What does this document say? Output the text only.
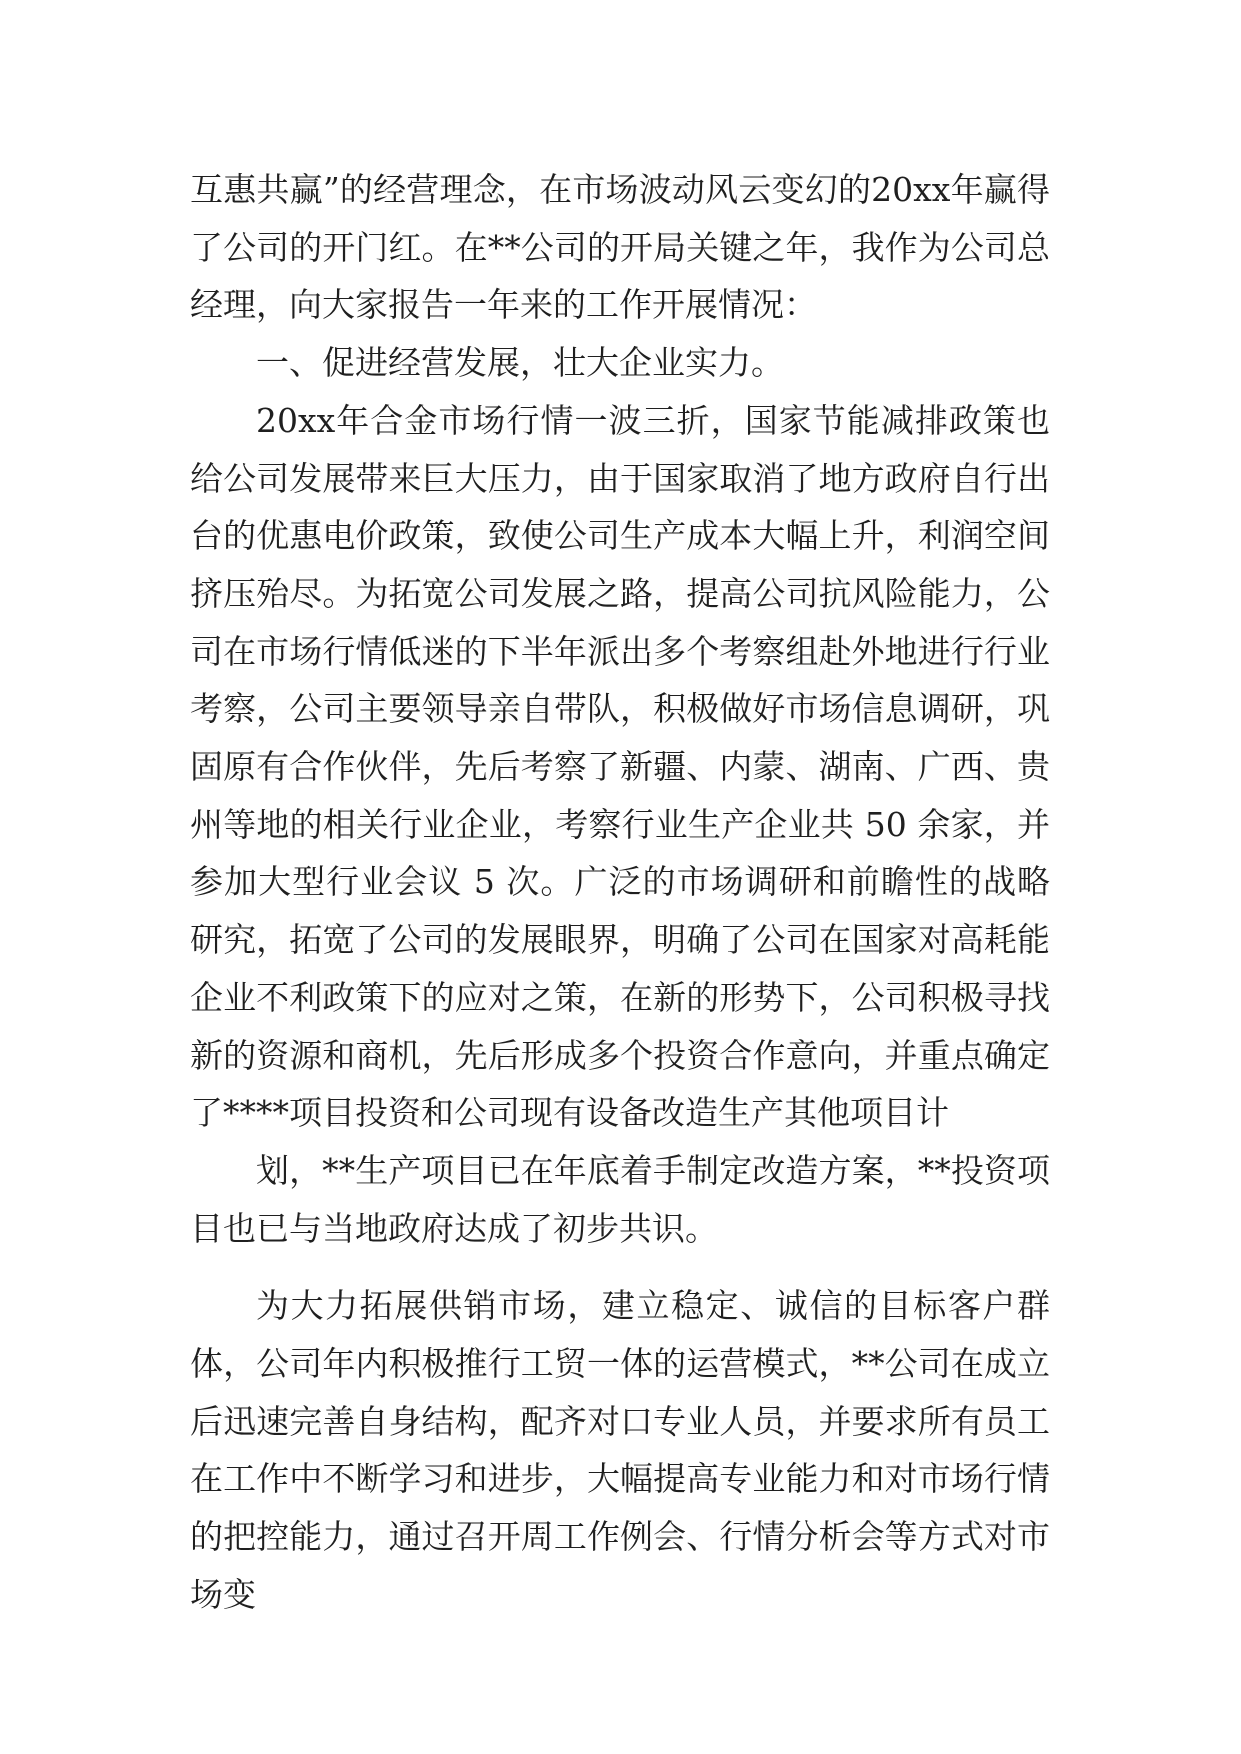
互惠共赢”的经营理念，在市场波动风云变幻的20xx年赢得了公司的开门红。在**公司的开局关键之年，我作为公司总经理，向大家报告一年来的工作开展情况：

一、促进经营发展，壮大企业实力。

20xx年合金市场行情一波三折，国家节能减排政策也给公司发展带来巨大压力，由于国家取消了地方政府自行出台的优惠电价政策，致使公司生产成本大幅上升，利润空间挤压殆尽。为拓宽公司发展之路，提高公司抗风险能力，公司在市场行情低迷的下半年派出多个考察组赴外地进行行业考察，公司主要领导亲自带队，积极做好市场信息调研，巩固原有合作伙伴，先后考察了新疆、内蒙、湖南、广西、贵州等地的相关行业企业，考察行业生产企业共 50 余家，并参加大型行业会议 5 次。广泛的市场调研和前瞻性的战略研究，拓宽了公司的发展眼界，明确了公司在国家对高耗能企业不利政策下的应对之策，在新的形势下，公司积极寻找新的资源和商机，先后形成多个投资合作意向，并重点确定了****项目投资和公司现有设备改造生产其他项目计

划，**生产项目已在年底着手制定改造方案，**投资项目也已与当地政府达成了初步共识。

为大力拓展供销市场，建立稳定、诚信的目标客户群体，公司年内积极推行工贸一体的运营模式，**公司在成立后迅速完善自身结构，配齐对口专业人员，并要求所有员工在工作中不断学习和进步，大幅提高专业能力和对市场行情的把控能力，通过召开周工作例会、行情分析会等方式对市场变
